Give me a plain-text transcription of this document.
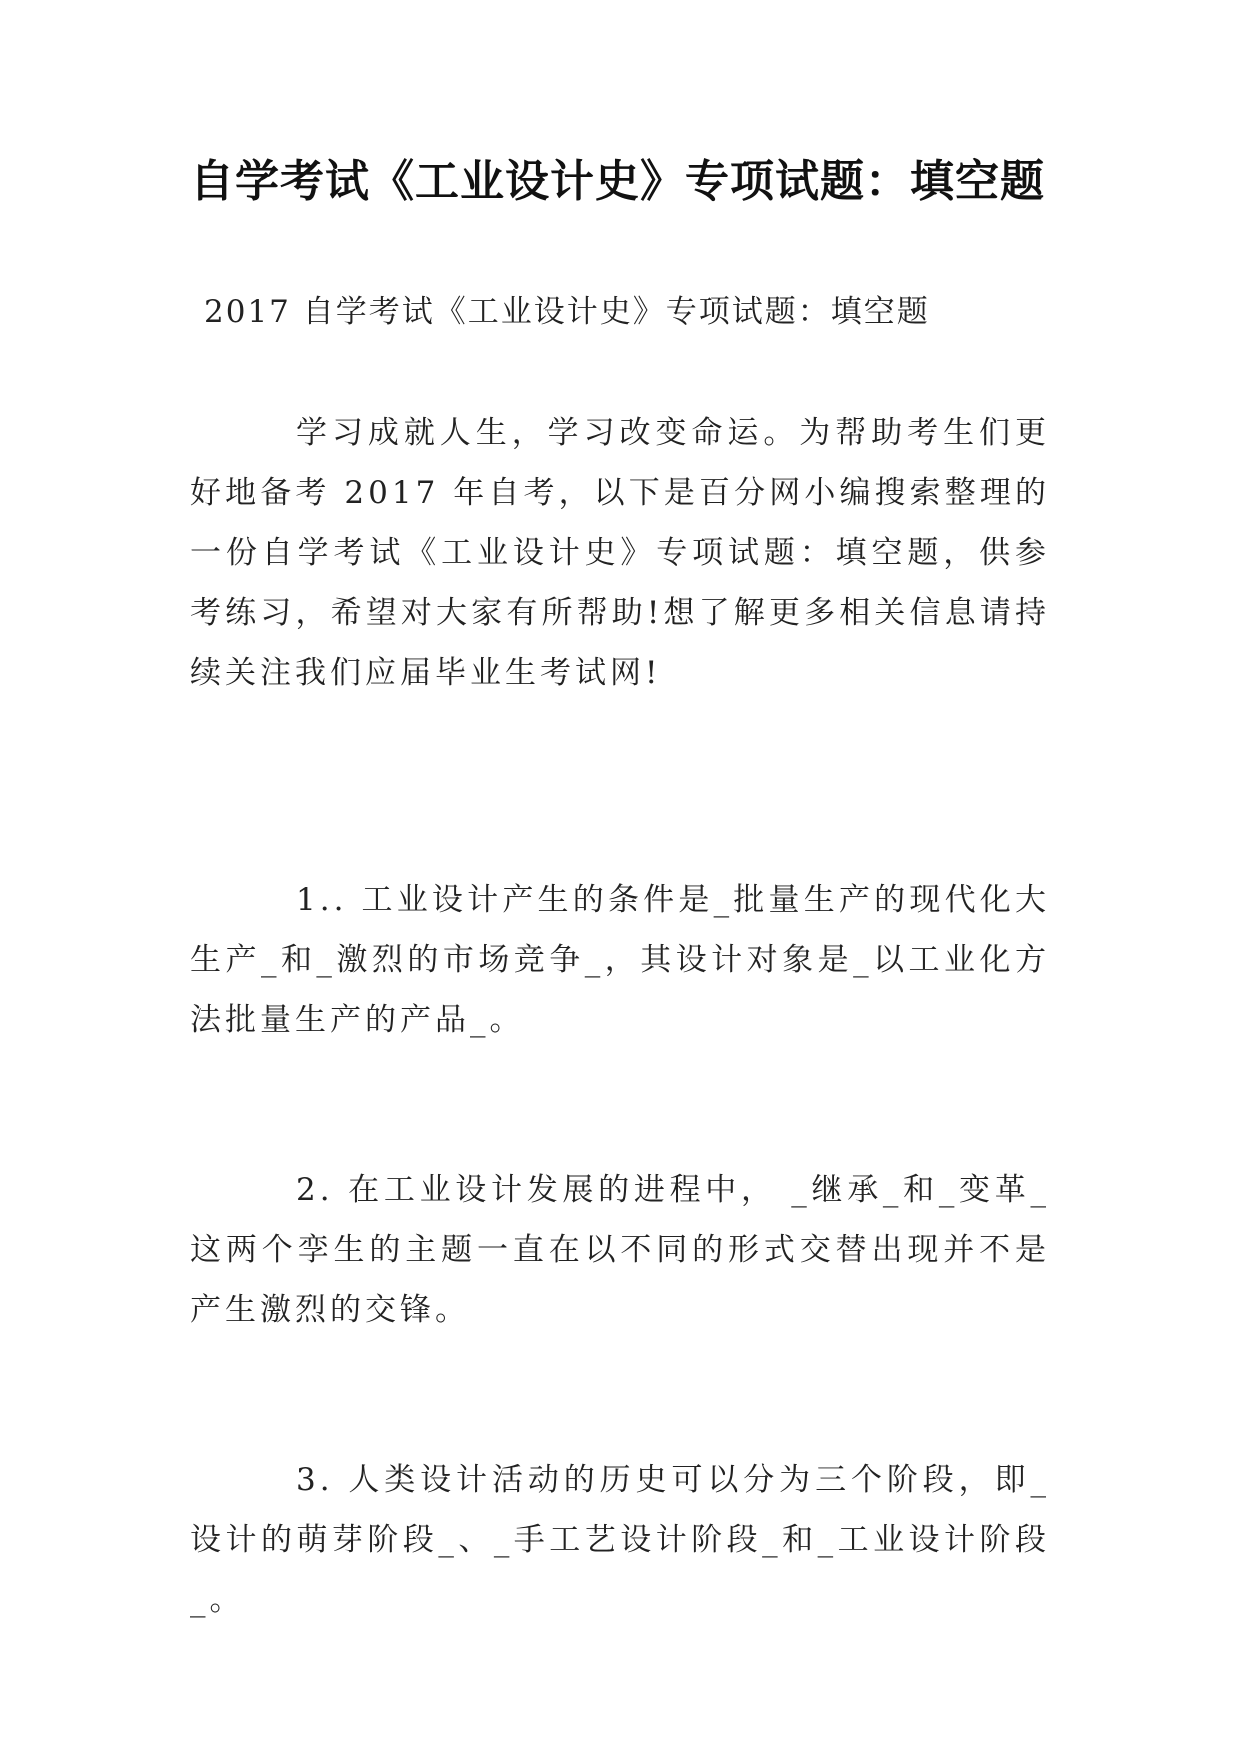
自学考试《工业设计史》专项试题：填空题
2017 自学考试《工业设计史》专项试题：填空题

学习成就人生，学习改变命运。为帮助考生们更好地备考 2017 年自考，以下是百分网小编搜索整理的一份自学考试《工业设计史》专项试题：填空题，供参考练习，希望对大家有所帮助!想了解更多相关信息请持续关注我们应届毕业生考试网!

1.. 工业设计产生的条件是_批量生产的现代化大生产_和_激烈的市场竞争_，其设计对象是_以工业化方法批量生产的产品_。

2. 在工业设计发展的进程中， _继承_和_变革_这两个孪生的主题一直在以不同的形式交替出现并不是产生激烈的交锋。

3. 人类设计活动的历史可以分为三个阶段，即_设计的萌芽阶段_、_手工艺设计阶段_和_工业设计阶段_。
